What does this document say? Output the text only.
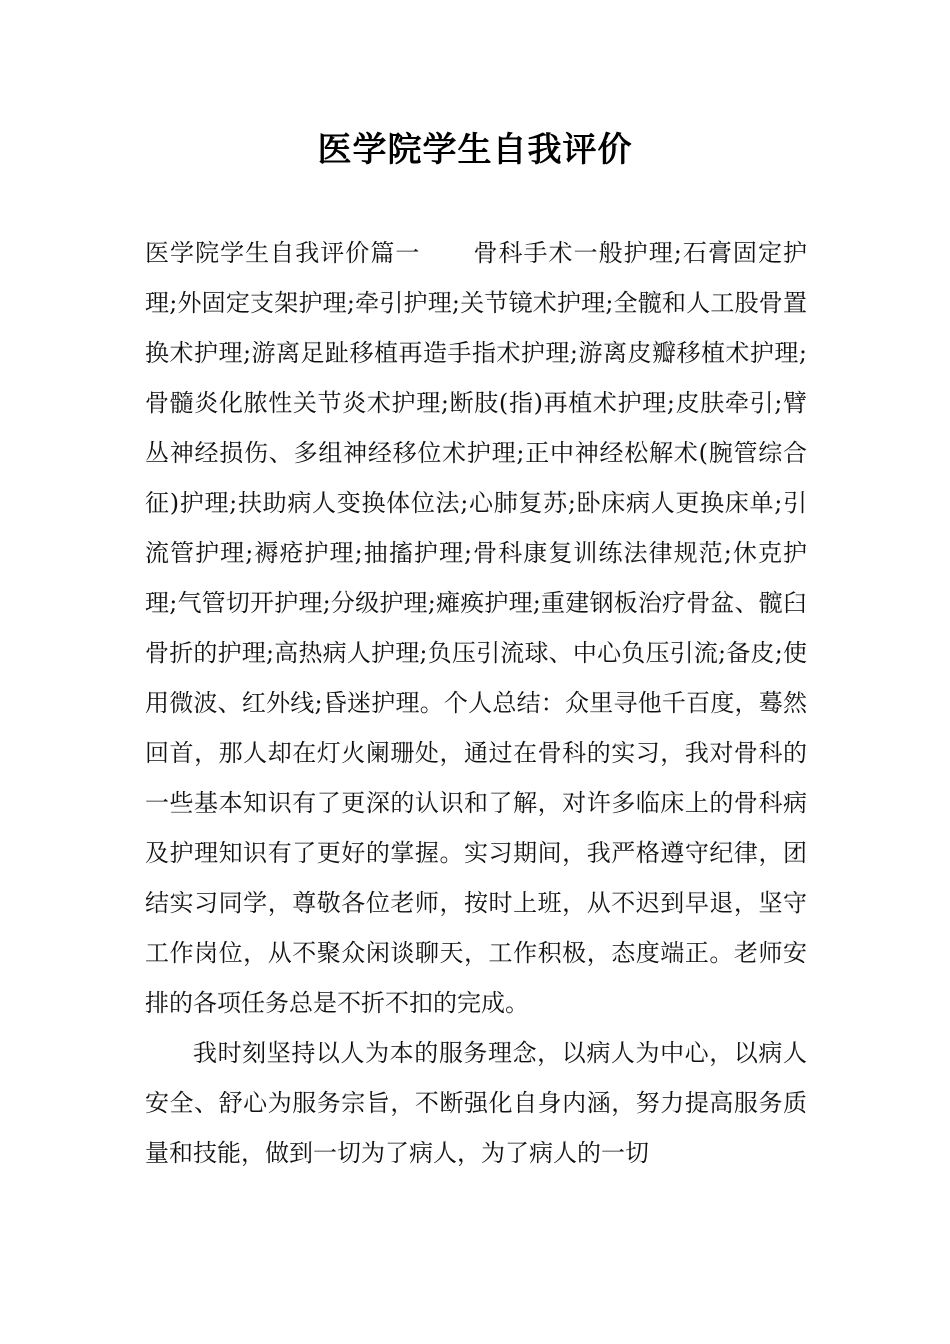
医学院学生自我评价

医学院学生自我评价篇一 骨科手术一般护理;石膏固定护理;外固定支架护理;牵引护理;关节镜术护理;全髋和人工股骨置换术护理;游离足趾移植再造手指术护理;游离皮瓣移植术护理;骨髓炎化脓性关节炎术护理;断肢(指)再植术护理;皮肤牵引;臂丛神经损伤、多组神经移位术护理;正中神经松解术(腕管综合征)护理;扶助病人变换体位法;心肺复苏;卧床病人更换床单;引流管护理;褥疮护理;抽搐护理;骨科康复训练法律规范;休克护理;气管切开护理;分级护理;瘫痪护理;重建钢板治疗骨盆、髋臼骨折的护理;高热病人护理;负压引流球、中心负压引流;备皮;使用微波、红外线;昏迷护理。个人总结：众里寻他千百度，蓦然回首，那人却在灯火阑珊处，通过在骨科的实习，我对骨科的一些基本知识有了更深的认识和了解，对许多临床上的骨科病及护理知识有了更好的掌握。实习期间，我严格遵守纪律，团结实习同学，尊敬各位老师，按时上班，从不迟到早退，坚守工作岗位，从不聚众闲谈聊天，工作积极，态度端正。老师安排的各项任务总是不折不扣的完成。

我时刻坚持以人为本的服务理念，以病人为中心，以病人安全、舒心为服务宗旨，不断强化自身内涵，努力提高服务质量和技能，做到一切为了病人，为了病人的一切
